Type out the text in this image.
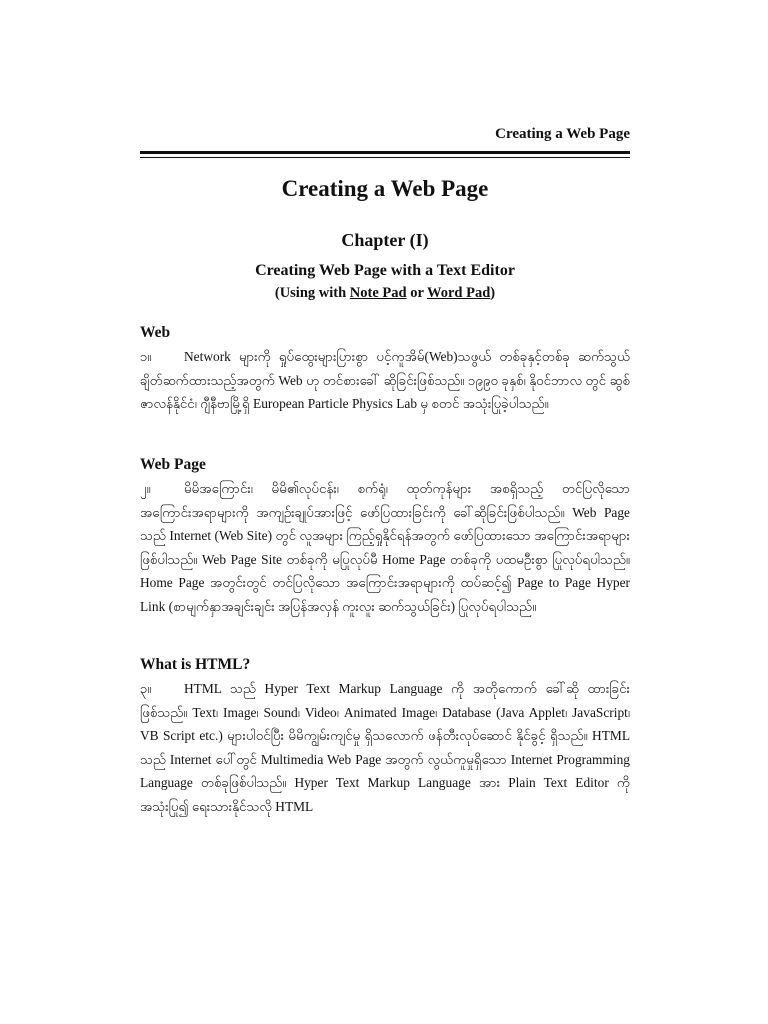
Creating a Web Page
Creating a Web Page
Chapter (I)
Creating Web Page with a Text Editor
(Using with Note Pad or Word Pad)
Web

၁။ Network များကို ရှုပ်ထွေးများပြားစွာ ပင့်ကူအိမ်(Web)သဖွယ် တစ်ခုနှင့်တစ်ခု ဆက်သွယ် ချိတ်ဆက်ထားသည့်အတွက် Web ဟု တင်စားခေါ် ဆိုခြင်းဖြစ်သည်။ ၁၉၉၀ ခုနှစ်၊ နိုဝင်ဘာလ တွင် ဆွစ်ဇာလန်နိုင်ငံ၊ ဂျီနီဗာမြို့ရှိ European Particle Physics Lab မှ စတင် အသုံးပြုခဲ့ပါသည်။

Web Page

၂။ မိမိအကြောင်း၊ မိမိ၏လုပ်ငန်း၊ စက်ရုံ၊ ထုတ်ကုန်များ အစရှိသည့် တင်ပြလိုသော အကြောင်းအရာများကို အကျဉ်းချုပ်အားဖြင့် ဖော်ပြထားခြင်းကို ခေါ်ဆိုခြင်းဖြစ်ပါသည်။ Web Page သည် Internet (Web Site) တွင် လူအများ ကြည့်ရှုနိုင်ရန်အတွက် ဖော်ပြထားသော အကြောင်းအရာများ ဖြစ်ပါသည်။ Web Page Site တစ်ခုကို မပြုလုပ်မီ Home Page တစ်ခုကို ပထမဦးစွာ ပြုလုပ်ရပါသည်။ Home Page အတွင်းတွင် တင်ပြလိုသော အကြောင်းအရာများကို ထပ်ဆင့်၍ Page to Page Hyper Link (စာမျက်နှာအချင်းချင်း အပြန်အလှန် ကူးလူး ဆက်သွယ်ခြင်း) ပြုလုပ်ရပါသည်။

What is HTML?

၃။ HTML သည် Hyper Text Markup Language ကို အတိုကောက် ခေါ်ဆို ထားခြင်း ဖြစ်သည်။ Text၊ Image၊ Sound၊ Video၊ Animated Image၊ Database (Java Applet၊ JavaScript၊ VB Script etc.) များပါဝင်ပြီး မိမိကျွမ်းကျင်မှု ရှိသလောက် ဖန်တီးလုပ်ဆောင် နိုင်ခွင့် ရှိသည်။ HTML သည် Internet ပေါ်တွင် Multimedia Web Page အတွက် လွယ်ကူမှုရှိသော Internet Programming Language တစ်ခုဖြစ်ပါသည်။ Hyper Text Markup Language အား Plain Text Editor ကို အသုံးပြု၍ ရေးသားနိုင်သလို HTML
